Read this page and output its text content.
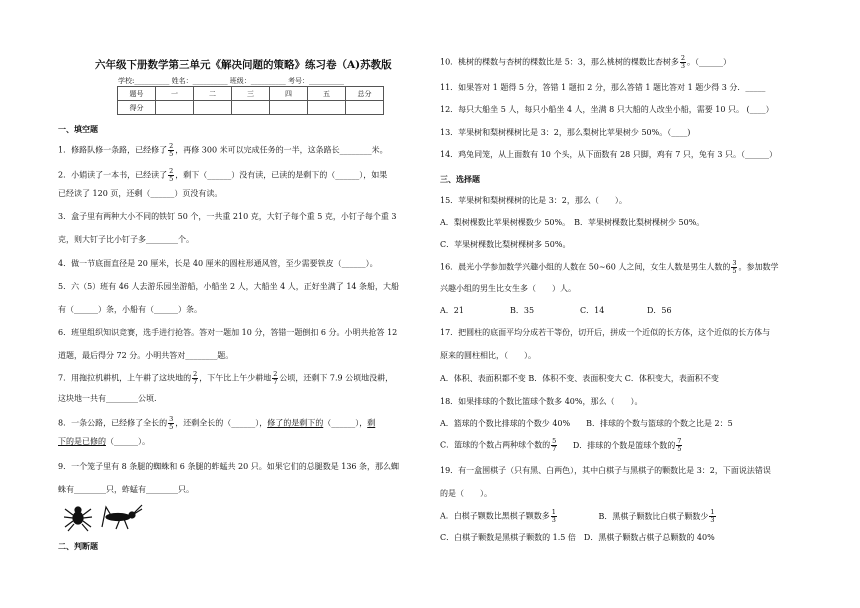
六年级下册数学第三单元《解决问题的策略》练习卷（A)苏教版
学校:__________ 姓名：__________ 班级：__________ 考号：__________
题号	一	二	三	四	五	总分
得分						
一、填空题
1．修路队修一条路，已经修了 $\frac{2}{5}$ ，再修 300 米可以完成任务的一半，这条路长________米。
2．小娟读了一本书，已经读了 $\frac{2}{5}$ ，剩下（______）没有读，已读的是剩下的（______），如果
已经读了 120 页，还剩（______）页没有读。
3．盒子里有两种大小不同的铁钉 50 个，一共重 210 克，大钉子每个重 5 克，小钉子每个重 3
克，则大钉子比小钉子多________个。
4．做一节底面直径是 20 厘米，长是 40 厘米的圆柱形通风管，至少需要铁皮（______）。
5．六（5）班有 46 人去游乐园坐游船，小船坐 2 人，大船坐 4 人，正好坐满了 14 条船，大船
有（______）条，小船有（______）条。
6．班里组织知识竞赛，选手进行抢答。答对一题加 10 分，答错一题倒扣 6 分。小明共抢答 12
道题，最后得分 72 分。小明共答对________题。
7．用拖拉机耕机，上午耕了这块地的 $\frac{2}{7}$ ，下午比上午少耕地 $\frac{2}{7}$ 公顷，还剩下 7.9 公顷地没耕，
这块地一共有________公顷.
8．一条公路，已经修了全长的 $\frac{3}{5}$ ，还剩全长的（______），修了的是剩下的（______），剩
下的是已修的（______）。
9．一个笼子里有 8 条腿的蜘蛛和 6 条腿的蚱蜢共 20 只。如果它们的总腿数是 136 条，那么蜘
蛛有________只，蚱蜢有________只。
二、判断题
10．桃树的棵数与杏树的棵数比是 5：3，那么桃树的棵数比杏树多 $\frac{2}{3}$ 。（______）
11．如果答对 1 题得 5 分，答错 1 题扣 2 分，那么答错 1 题比答对 1 题少得 3 分．_____
12．每只大船坐 5 人，每只小船坐 4 人，坐满 8 只大船的人改坐小船，需要 10 只。 (____）
13．苹果树和梨树棵树比是 3：2，那么梨树比苹果树少 50%。（____)
14．鸡兔同笼，从上面数有 10 个头，从下面数有 28 只脚，鸡有 7 只，兔有 3 只。（______）
三、选择题
15．苹果树和梨树棵树的比是 3：2，那么（　　）。
A．梨树棵数比苹果树棵数少 50%。　B．苹果树棵数比梨树棵树少 50%。
C．苹果树棵数比梨树棵树多 50%。
16．晨光小学参加数学兴趣小组的人数在 50~60 人之间，女生人数是男生人数的 $\frac{3}{5}$ 。参加数学
兴趣小组的男生比女生多（　　）人。
A．21	B．35	C．14	D．56
17．把圆柱的底面平均分成若干等份，切开后，拼成一个近似的长方体，这个近似的长方体与
原来的圆柱相比，（　　）。
A．体积、表面积都不变 B．体积不变、表面积变大 C．体积变大，表面积不变
18．如果排球的个数比篮球个数多 40%，那么（　　）。
A．篮球的个数比排球的个数少 40%　　B．排球的个数与篮球的个数之比是 2：5
C．篮球的个数占两种球个数的 $\frac{5}{7}$ D．排球的个数是篮球个数的 $\frac{7}{5}$
19．有一盒围棋子（只有黑、白两色），其中白棋子与黑棋子的颗数比是 3：2，下面说法错误
的是（　　）。
A．白棋子颗数比黑棋子颗数多 $\frac{1}{3}$	B．黑棋子颗数比白棋子颗数少 $\frac{1}{3}$
C．白棋子颗数是黑棋子颗数的 1.5 倍　D．黑棋子颗数占棋子总颗数的 40%
